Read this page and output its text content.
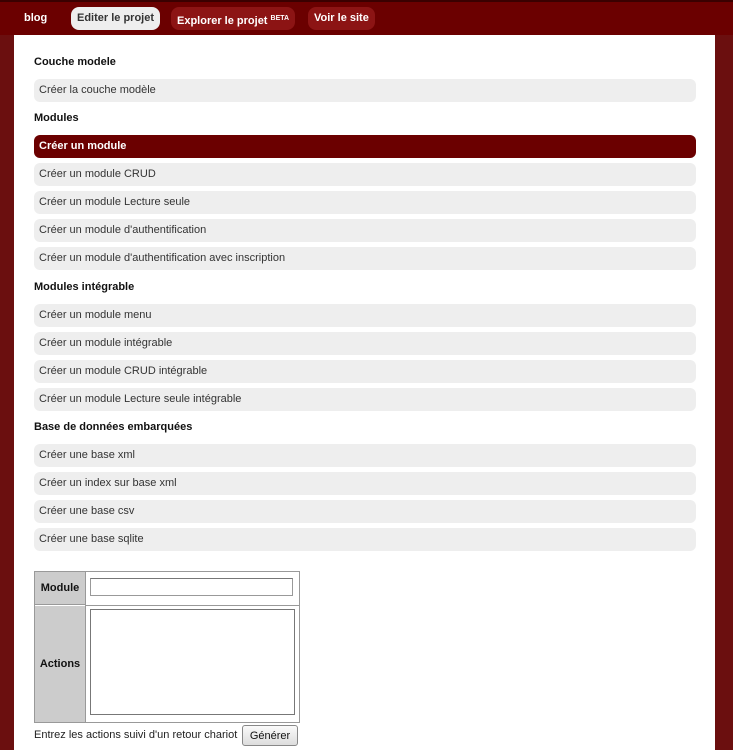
blog	Editer le projet	Explorer le projet $^{BETA}$	Voir le site
Couche modele
Créer la couche modèle
Modules
Créer un module
Créer un module CRUD
Créer un module Lecture seule
Créer un module d'authentification
Créer un module d'authentification avec inscription
Modules intégrable
Créer un module menu
Créer un module intégrable
Créer un module CRUD intégrable
Créer un module Lecture seule intégrable
Base de données embarquées
Créer une base xml
Créer un index sur base xml
Créer une base csv
Créer une base sqlite
Module
Actions
Entrez les actions suivi d'un retour chariot	Générer
